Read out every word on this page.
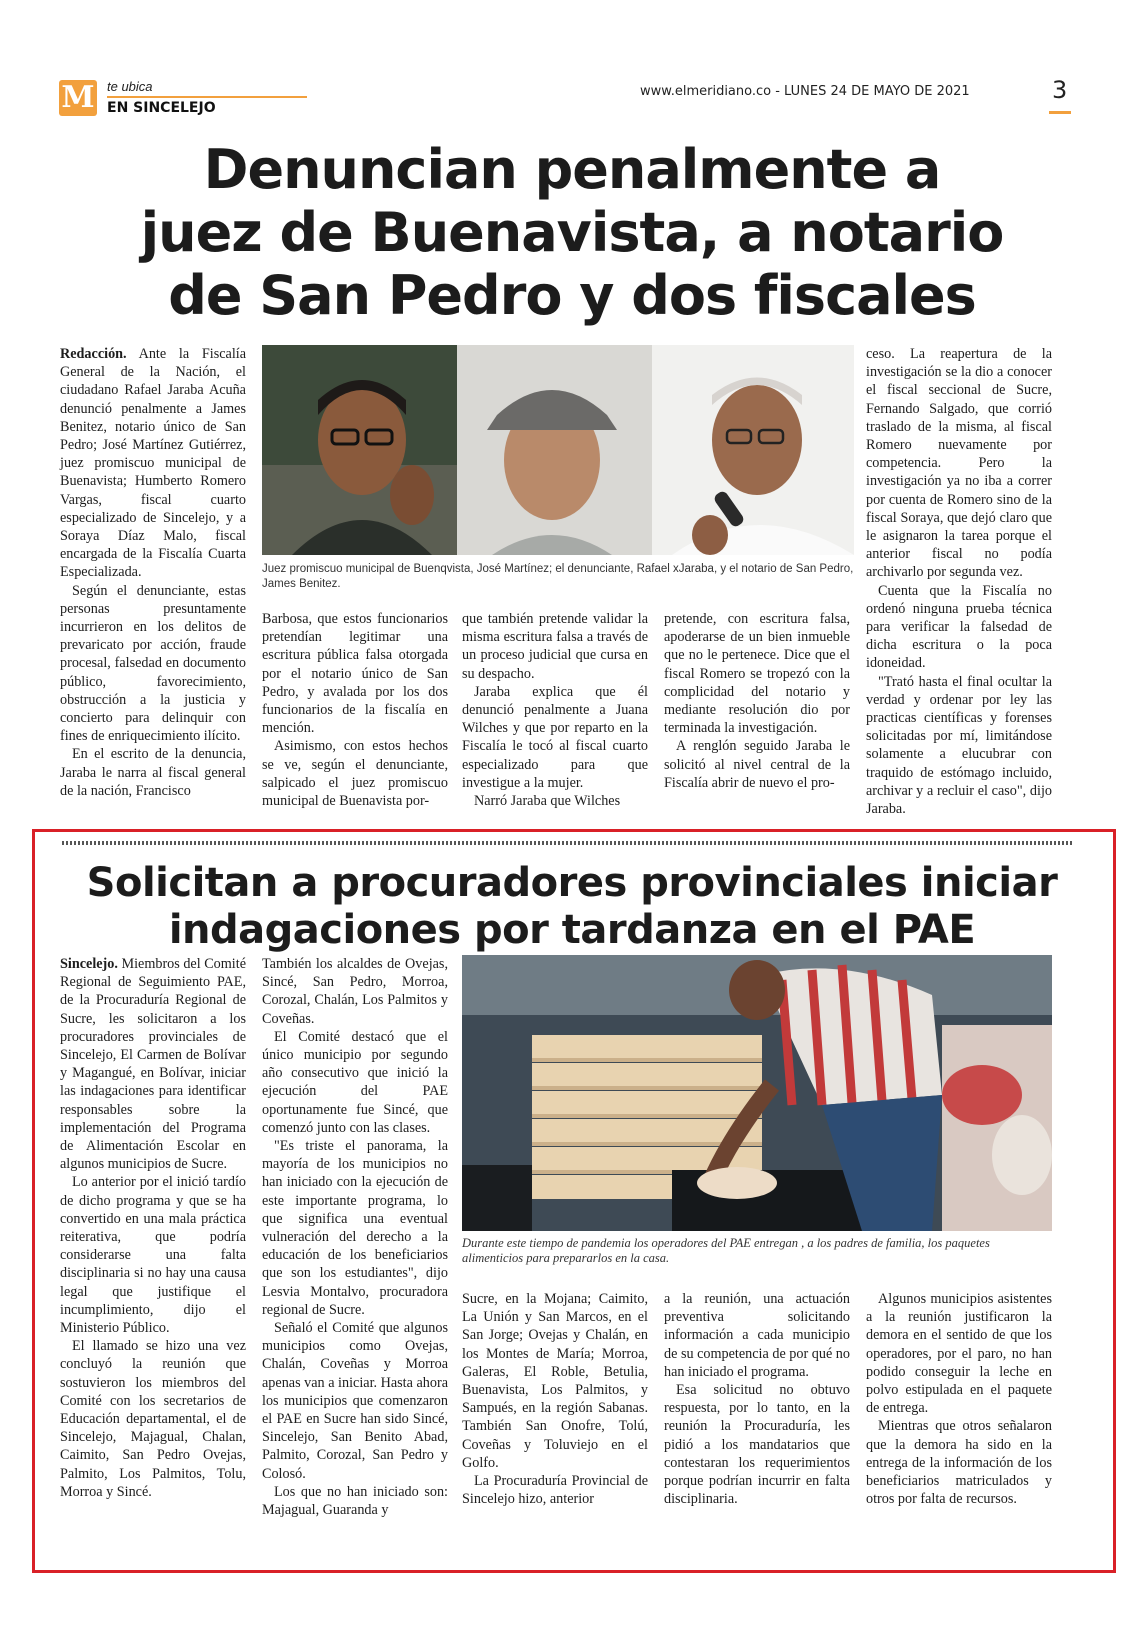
M te ubica
EN SINCELEJO
www.elmeridiano.co - LUNES 24 DE MAYO DE 2021	3
Denuncian penalmente a
juez de Buenavista, a notario
de San Pedro y dos fiscales

Redacción. Ante la Fiscalía General de la Nación, el ciudadano Rafael Jaraba Acuña denunció penalmente a James Benitez, notario único de San Pedro; José Martínez Gutiérrez, juez promiscuo municipal de Buenavista; Humberto Romero Vargas, fiscal cuarto especializado de Sincelejo, y a Soraya Díaz Malo, fiscal encargada de la Fiscalía Cuarta Especializada.

Según el denunciante, estas personas presuntamente incurrieron en los delitos de prevaricato por acción, fraude procesal, falsedad en documento público, favorecimiento, obstrucción a la justicia y concierto para delinquir con fines de enriquecimiento ilícito.

En el escrito de la denuncia, Jaraba le narra al fiscal general de la nación, Francisco

Juez promiscuo municipal de Buenqvista, José Martínez; el denunciante, Rafael xJaraba, y el notario de San Pedro, James Benitez.

Barbosa, que estos funcionarios pretendían legitimar una escritura pública falsa otorgada por el notario único de San Pedro, y avalada por los dos funcionarios de la fiscalía en mención.

Asimismo, con estos hechos se ve, según el denunciante, salpicado el juez promiscuo municipal de Buenavista por-

que también pretende validar la misma escritura falsa a través de un proceso judicial que cursa en su despacho.

Jaraba explica que él denunció penalmente a Juana Wilches y que por reparto en la Fiscalía le tocó al fiscal cuarto especializado para que investigue a la mujer.

Narró Jaraba que Wilches

pretende, con escritura falsa, apoderarse de un bien inmueble que no le pertenece. Dice que el fiscal Romero se tropezó con la complicidad del notario y mediante resolución dio por terminada la investigación.

A renglón seguido Jaraba le solicitó al nivel central de la Fiscalía abrir de nuevo el pro-

ceso. La reapertura de la investigación se la dio a conocer el fiscal seccional de Sucre, Fernando Salgado, que corrió traslado de la misma, al fiscal Romero nuevamente por competencia. Pero la investigación ya no iba a correr por cuenta de Romero sino de la fiscal Soraya, que dejó claro que le asignaron la tarea porque el anterior fiscal no podía archivarlo por segunda vez.

Cuenta que la Fiscalía no ordenó ninguna prueba técnica para verificar la falsedad de dicha escritura o la poca idoneidad.

"Trató hasta el final ocultar la verdad y ordenar por ley las practicas científicas y forenses solicitadas por mí, limitándose solamente a elucubrar con traquido de estómago incluido, archivar y a recluir el caso", dijo Jaraba.

Solicitan a procuradores provinciales iniciar
indagaciones por tardanza en el PAE

Sincelejo. Miembros del Comité Regional de Seguimiento PAE, de la Procuraduría Regional de Sucre, les solicitaron a los procuradores provinciales de Sincelejo, El Carmen de Bolívar y Magangué, en Bolívar, iniciar las indagaciones para identificar responsables sobre la implementación del Programa de Alimentación Escolar en algunos municipios de Sucre.

Lo anterior por el inició tardío de dicho programa y que se ha convertido en una mala práctica reiterativa, que podría considerarse una falta disciplinaria si no hay una causa legal que justifique el incumplimiento, dijo el Ministerio Público.

El llamado se hizo una vez concluyó la reunión que sostuvieron los miembros del Comité con los secretarios de Educación departamental, el de Sincelejo, Majagual, Chalan, Caimito, San Pedro Ovejas, Palmito, Los Palmitos, Tolu, Morroa y Sincé.

También los alcaldes de Ovejas, Sincé, San Pedro, Morroa, Corozal, Chalán, Los Palmitos y Coveñas.

El Comité destacó que el único municipio por segundo año consecutivo que inició la ejecución del PAE oportunamente fue Sincé, que comenzó junto con las clases.

"Es triste el panorama, la mayoría de los municipios no han iniciado con la ejecución de este importante programa, lo que significa una eventual vulneración del derecho a la educación de los beneficiarios que son los estudiantes", dijo Lesvia Montalvo, procuradora regional de Sucre.

Señaló el Comité que algunos municipios como Ovejas, Chalán, Coveñas y Morroa apenas van a iniciar. Hasta ahora los municipios que comenzaron el PAE en Sucre han sido Sincé, Sincelejo, San Benito Abad, Palmito, Corozal, San Pedro y Colosó.

Los que no han iniciado son: Majagual, Guaranda y

Durante este tiempo de pandemia los operadores del PAE entregan , a los padres de familia, los paquetes alimenticios para prepararlos en la casa.

Sucre, en la Mojana; Caimito, La Unión y San Marcos, en el San Jorge; Ovejas y Chalán, en los Montes de María; Morroa, Galeras, El Roble, Betulia, Buenavista, Los Palmitos, y Sampués, en la región Sabanas. También San Onofre, Tolú, Coveñas y Toluviejo en el Golfo.

La Procuraduría Provincial de Sincelejo hizo, anterior

a la reunión, una actuación preventiva solicitando información a cada municipio de su competencia de por qué no han iniciado el programa.

Esa solicitud no obtuvo respuesta, por lo tanto, en la reunión la Procuraduría, les pidió a los mandatarios que contestaran los requerimientos porque podrían incurrir en falta disciplinaria.

Algunos municipios asistentes a la reunión justificaron la demora en el sentido de que los operadores, por el paro, no han podido conseguir la leche en polvo estipulada en el paquete de entrega.

Mientras que otros señalaron que la demora ha sido en la entrega de la información de los beneficiarios matriculados y otros por falta de recursos.
